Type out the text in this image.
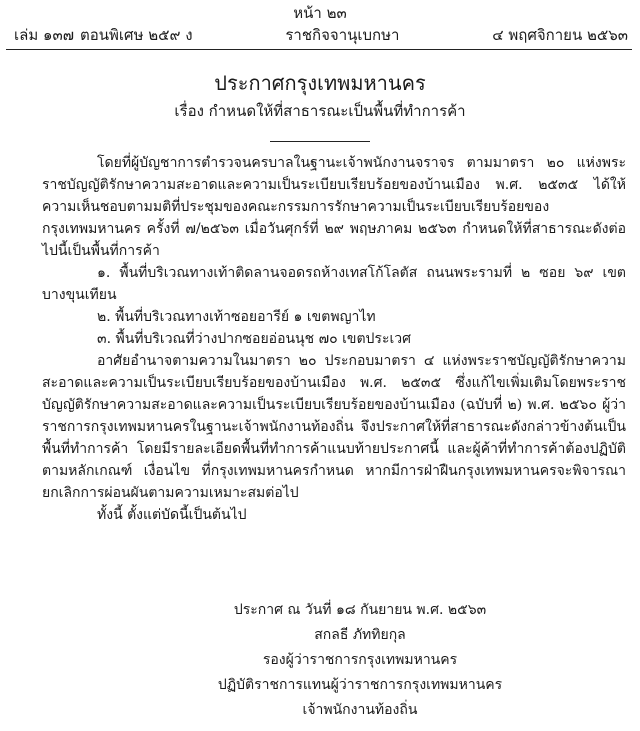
หน้า ๒๓
เล่ม ๑๓๗ ตอนพิเศษ ๒๕๙ ง	ราชกิจจานุเบกษา	๔ พฤศจิกายน ๒๕๖๓
ประกาศกรุงเทพมหานคร
เรื่อง กำหนดให้ที่สาธารณะเป็นพื้นที่ทำการค้า

โดยที่ผู้บัญชาการตำรวจนครบาลในฐานะเจ้าพนักงานจราจร ตามมาตรา ๒๐ แห่งพระราชบัญญัติรักษาความสะอาดและความเป็นระเบียบเรียบร้อยของบ้านเมือง พ.ศ. ๒๕๓๕ ได้ให้ความเห็นชอบตามมติที่ประชุมของคณะกรรมการรักษาความเป็นระเบียบเรียบร้อยของกรุงเทพมหานคร ครั้งที่ ๗/๒๕๖๓ เมื่อวันศุกร์ที่ ๒๙ พฤษภาคม ๒๕๖๓ กำหนดให้ที่สาธารณะดังต่อไปนี้เป็นพื้นที่การค้า

๑. พื้นที่บริเวณทางเท้าติดลานจอดรถห้างเทสโก้โลตัส ถนนพระรามที่ ๒ ซอย ๖๙ เขตบางขุนเทียน

๒. พื้นที่บริเวณทางเท้าซอยอารีย์ ๑ เขตพญาไท

๓. พื้นที่บริเวณที่ว่างปากซอยอ่อนนุช ๗๐ เขตประเวศ

อาศัยอำนาจตามความในมาตรา ๒๐ ประกอบมาตรา ๔ แห่งพระราชบัญญัติรักษาความสะอาดและความเป็นระเบียบเรียบร้อยของบ้านเมือง พ.ศ. ๒๕๓๕ ซึ่งแก้ไขเพิ่มเติมโดยพระราชบัญญัติรักษาความสะอาดและความเป็นระเบียบเรียบร้อยของบ้านเมือง (ฉบับที่ ๒) พ.ศ. ๒๕๖๐ ผู้ว่าราชการกรุงเทพมหานครในฐานะเจ้าพนักงานท้องถิ่น จึงประกาศให้ที่สาธารณะดังกล่าวข้างต้นเป็นพื้นที่ทำการค้า โดยมีรายละเอียดพื้นที่ทำการค้าแนบท้ายประกาศนี้ และผู้ค้าที่ทำการค้าต้องปฏิบัติตามหลักเกณฑ์ เงื่อนไข ที่กรุงเทพมหานครกำหนด หากมีการฝ่าฝืนกรุงเทพมหานครจะพิจารณายกเลิกการผ่อนผันตามความเหมาะสมต่อไป

ทั้งนี้ ตั้งแต่บัดนี้เป็นต้นไป

ประกาศ ณ วันที่ ๑๘ กันยายน พ.ศ. ๒๕๖๓
สกลธี ภัททิยกุล
รองผู้ว่าราชการกรุงเทพมหานคร
ปฏิบัติราชการแทนผู้ว่าราชการกรุงเทพมหานคร
เจ้าพนักงานท้องถิ่น
